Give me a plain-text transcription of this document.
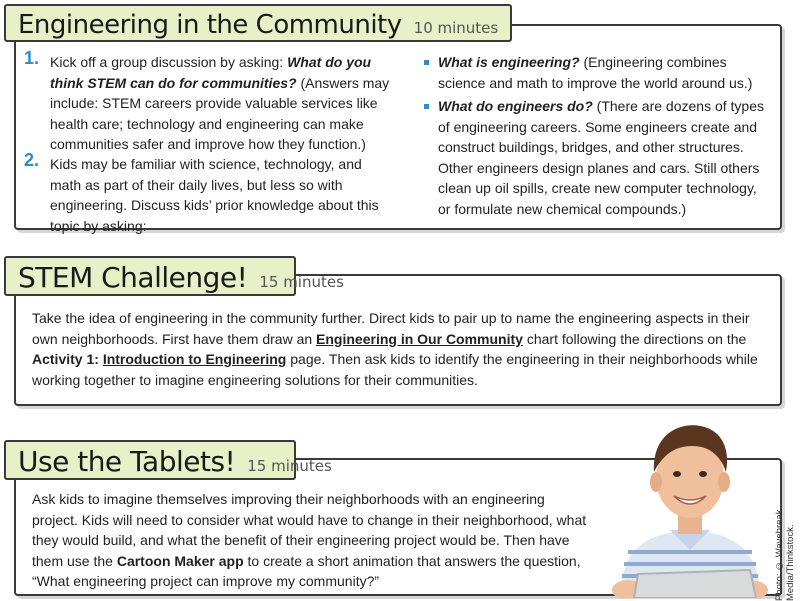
Engineering in the Community 10 minutes
1. Kick off a group discussion by asking: What do you think STEM can do for communities? (Answers may include: STEM careers provide valuable services like health care; technology and engineering can make communities safer and improve how they function.)
2. Kids may be familiar with science, technology, and math as part of their daily lives, but less so with engineering. Discuss kids’ prior knowledge about this topic by asking:
What is engineering? (Engineering combines science and math to improve the world around us.)
What do engineers do? (There are dozens of types of engineering careers. Some engineers create and construct buildings, bridges, and other structures. Other engineers design planes and cars. Still others clean up oil spills, create new computer technology, or formulate new chemical compounds.)
STEM Challenge! 15 minutes
Take the idea of engineering in the community further. Direct kids to pair up to name the engineering aspects in their own neighborhoods. First have them draw an Engineering in Our Community chart following the directions on the Activity 1: Introduction to Engineering page. Then ask kids to identify the engineering in their neighborhoods while working together to imagine engineering solutions for their communities.
Use the Tablets! 15 minutes
Ask kids to imagine themselves improving their neighborhoods with an engineering project. Kids will need to consider what would have to change in their neighborhood, what they would build, and what the benefit of their engineering project would be. Then have them use the Cartoon Maker app to create a short animation that answers the question, “What engineering project can improve my community?”	Photo: © Wavebreak Media/Thinkstock.
